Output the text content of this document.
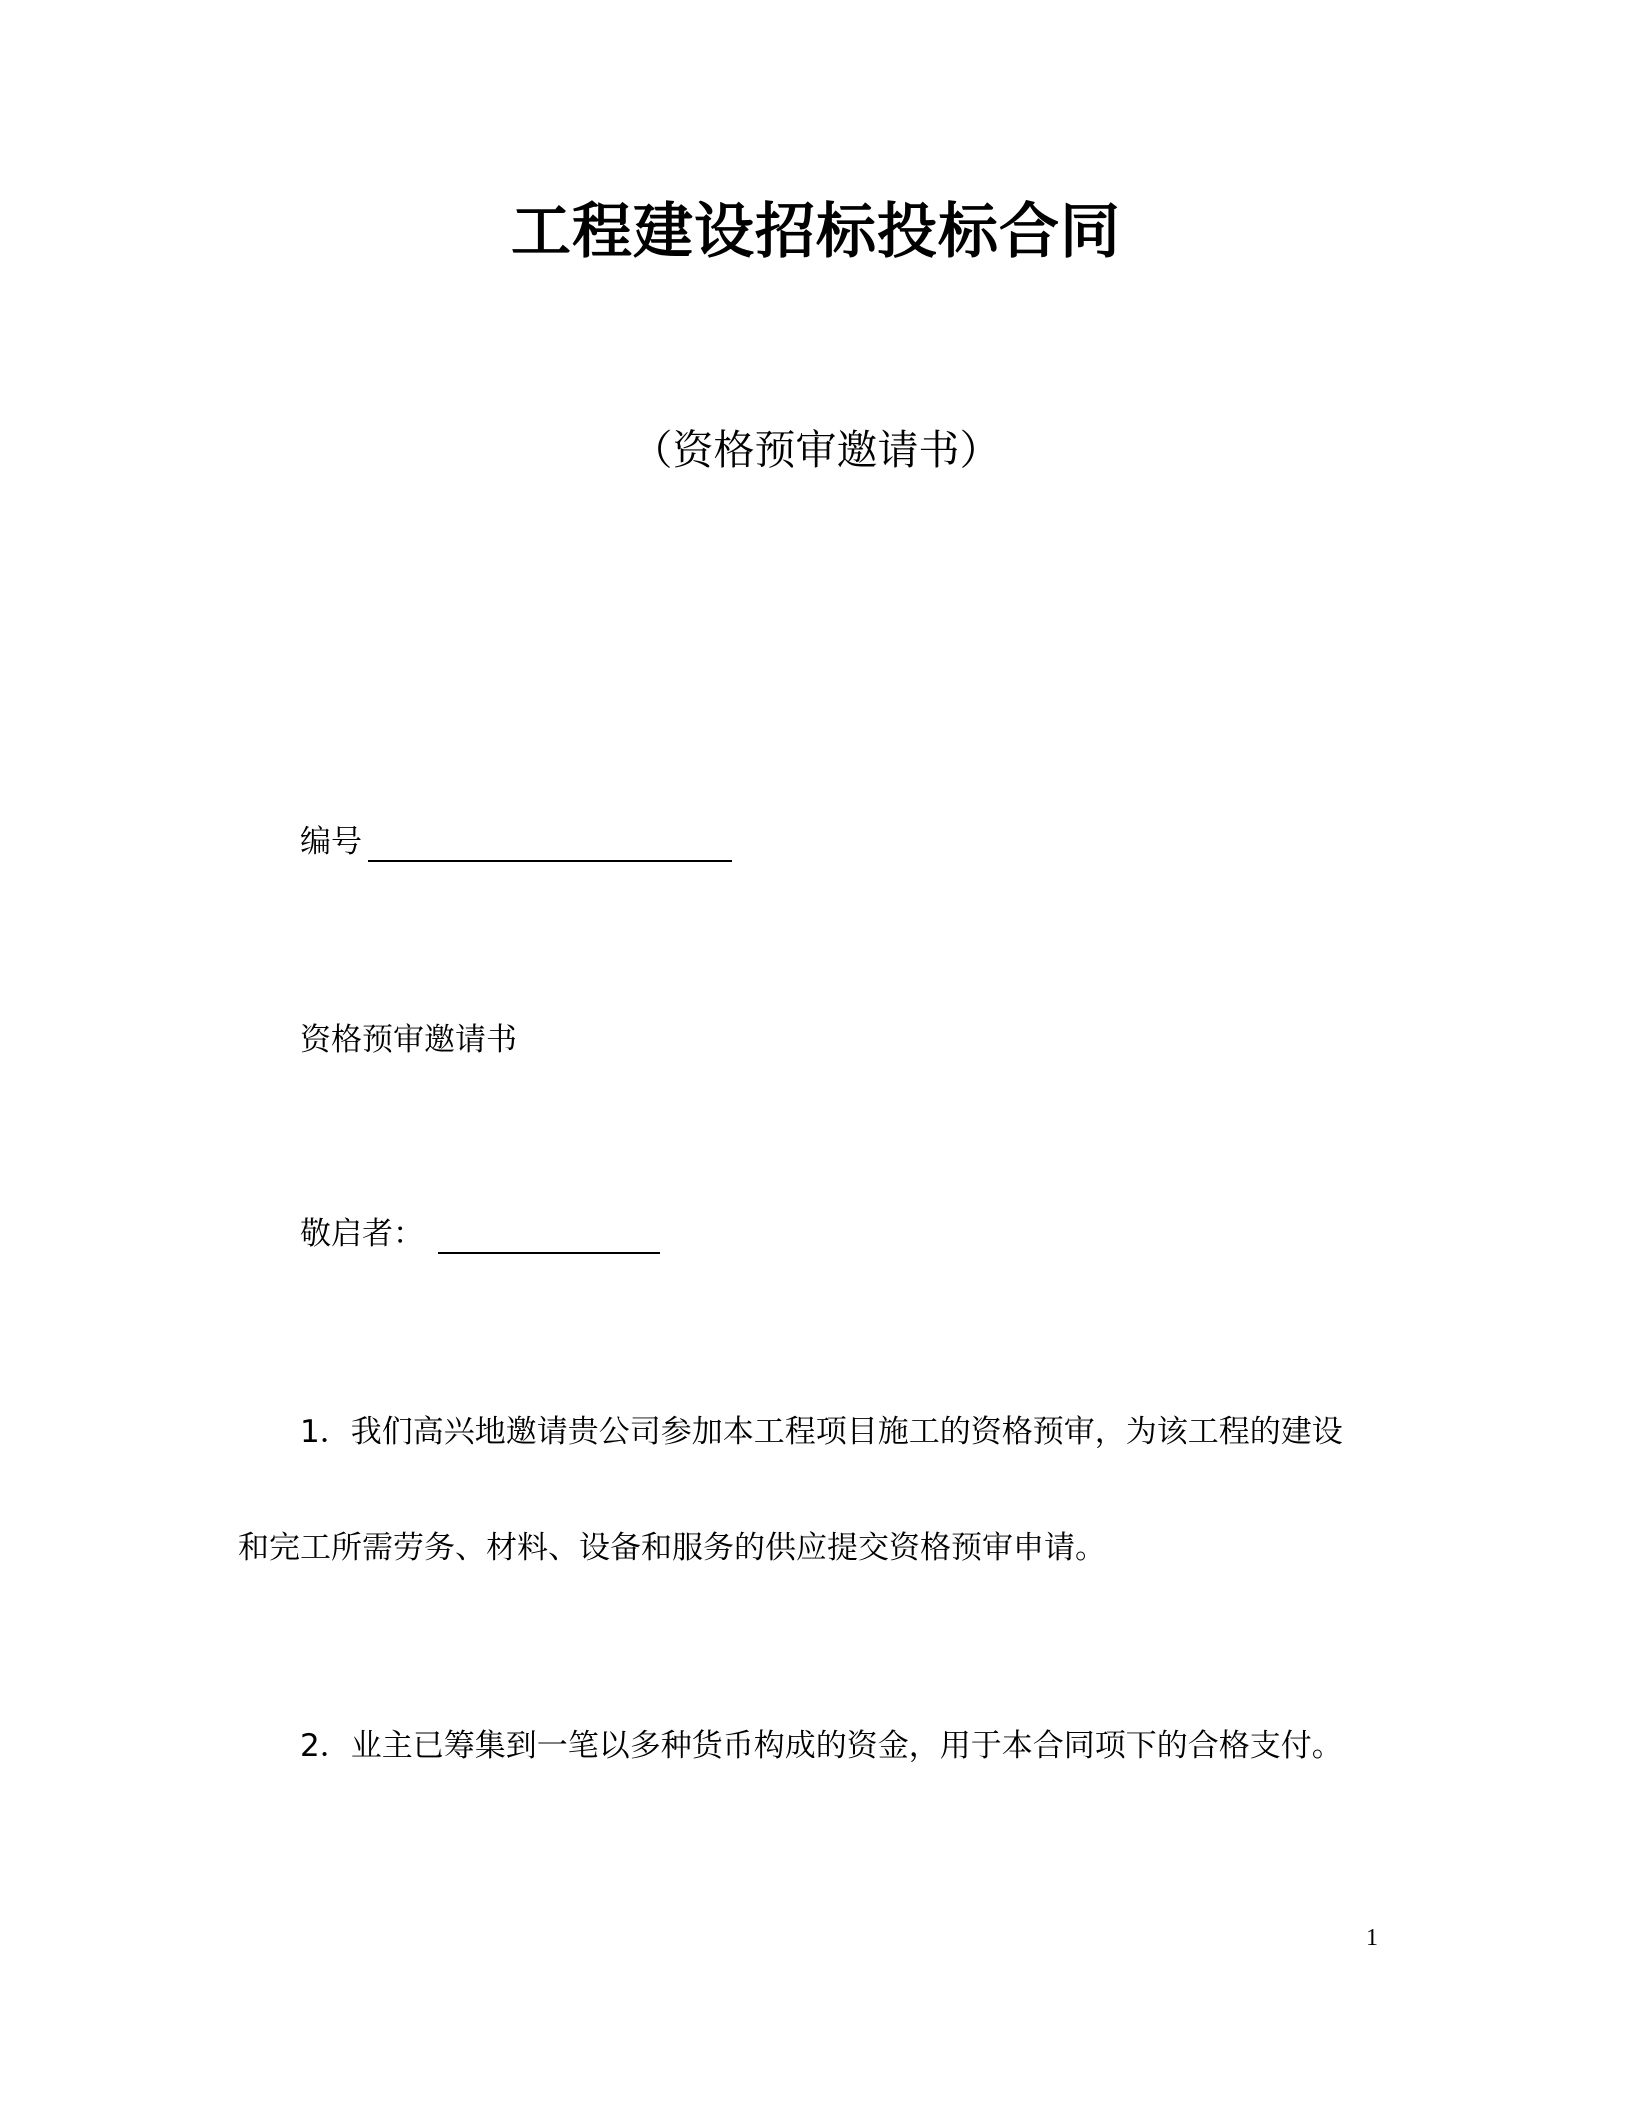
工程建设招标投标合同
（资格预审邀请书）
编号
资格预审邀请书
敬启者：
1．我们高兴地邀请贵公司参加本工程项目施工的资格预审，为该工程的建设
和完工所需劳务、材料、设备和服务的供应提交资格预审申请。
2．业主已筹集到一笔以多种货币构成的资金，用于本合同项下的合格支付。
1
